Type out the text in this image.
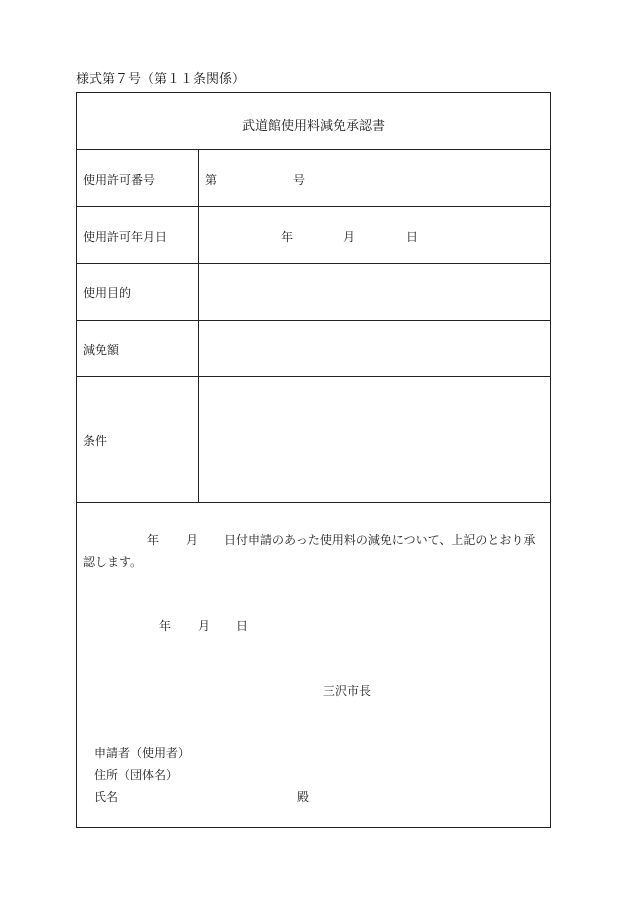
様式第７号（第１１条関係）
武道館使用料減免承認書
使用許可番号	第	号
使用許可年月日	年	月	日
使用目的
減免額
条件
年 月 日付申請のあった使用料の減免について、上記のとおり承
認します。
年 月 日
三沢市長
申請者（使用者）
住所（団体名）
氏名	殿
